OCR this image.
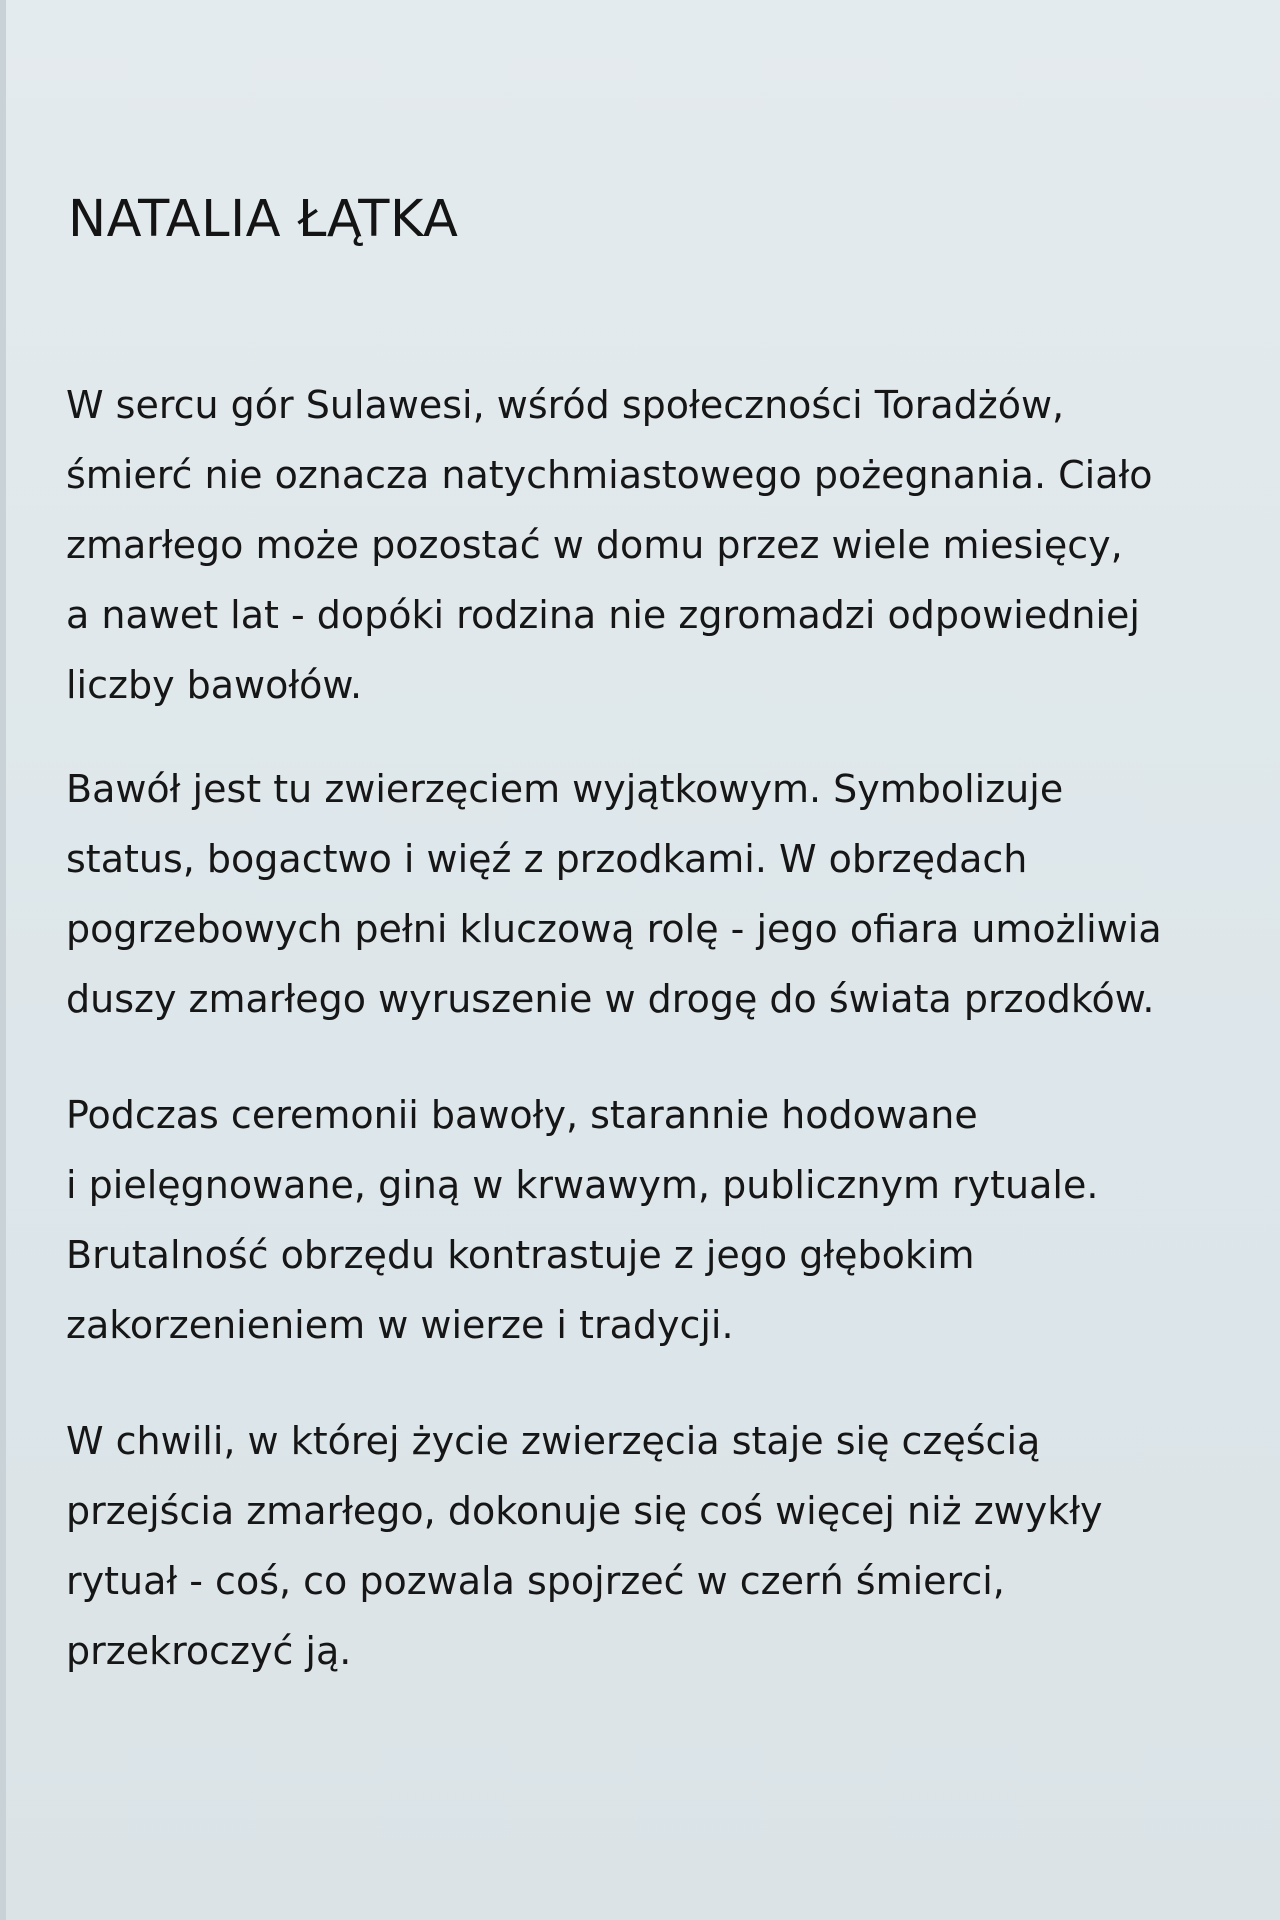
NATALIA ŁĄTKA

W sercu gór Sulawesi, wśród społeczności Toradżów,

śmierć nie oznacza natychmiastowego pożegnania. Ciało

zmarłego może pozostać w domu przez wiele miesięcy,

a nawet lat - dopóki rodzina nie zgromadzi odpowiedniej

liczby bawołów.

Bawół jest tu zwierzęciem wyjątkowym. Symbolizuje

status, bogactwo i więź z przodkami. W obrzędach

pogrzebowych pełni kluczową rolę - jego ofiara umożliwia

duszy zmarłego wyruszenie w drogę do świata przodków.

Podczas ceremonii bawoły, starannie hodowane

i pielęgnowane, giną w krwawym, publicznym rytuale.

Brutalność obrzędu kontrastuje z jego głębokim

zakorzenieniem w wierze i tradycji.

W chwili, w której życie zwierzęcia staje się częścią

przejścia zmarłego, dokonuje się coś więcej niż zwykły

rytuał - coś, co pozwala spojrzeć w czerń śmierci,

przekroczyć ją.
